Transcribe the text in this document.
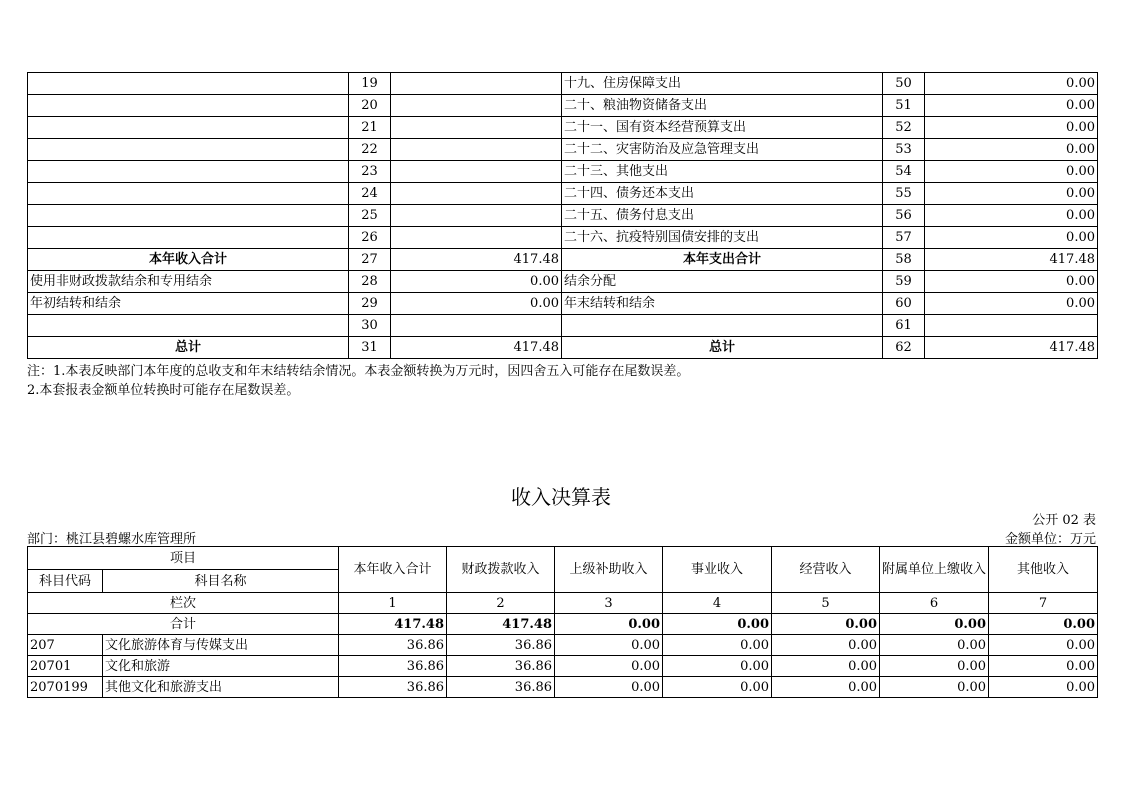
	19		十九、住房保障支出	50	0.00
	20		二十、粮油物资储备支出	51	0.00
	21		二十一、国有资本经营预算支出	52	0.00
	22		二十二、灾害防治及应急管理支出	53	0.00
	23		二十三、其他支出	54	0.00
	24		二十四、债务还本支出	55	0.00
	25		二十五、债务付息支出	56	0.00
	26		二十六、抗疫特别国债安排的支出	57	0.00
本年收入合计	27	417.48	本年支出合计	58	417.48
使用非财政拨款结余和专用结余	28	0.00	结余分配	59	0.00
年初结转和结余	29	0.00	年末结转和结余	60	0.00
	30			61	
总计	31	417.48	总计	62	417.48
注：1.本表反映部门本年度的总收支和年末结转结余情况。本表金额转换为万元时，因四舍五入可能存在尾数误差。
2.本套报表金额单位转换时可能存在尾数误差。
收入决算表
公开 02 表
部门：桃江县碧螺水库管理所	金额单位：万元
项目		本年收入合计	财政拨款收入	上级补助收入	事业收入	经营收入	附属单位上缴收入	其他收入
科目代码	科目名称							
栏次		1	2	3	4	5	6	7
合计		417.48	417.48	0.00	0.00	0.00	0.00	0.00
207	文化旅游体育与传媒支出	36.86	36.86	0.00	0.00	0.00	0.00	0.00
20701	文化和旅游	36.86	36.86	0.00	0.00	0.00	0.00	0.00
2070199	其他文化和旅游支出	36.86	36.86	0.00	0.00	0.00	0.00	0.00
